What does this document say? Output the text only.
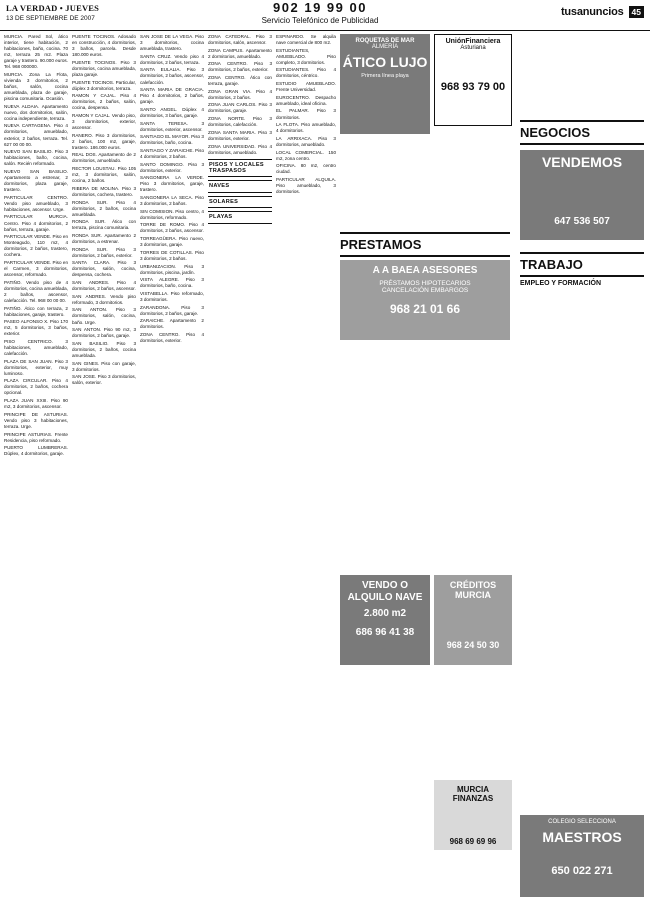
LA VERDAD • JUEVES
13 DE SEPTIEMBRE DE 2007
902 19 99 00
Servicio Telefónico de Publicidad
tusanuncios 45

MURCIA. Pared Sol, ático interior, tiene habitación, 2 habitaciones, baño, cocina. 70 m2, terraza 25 m2. Plaza garaje y trastero. 90.000 euros. Tel. 968 000000.

MURCIA. Zona La Flota, vivienda 3 dormitorios, 2 baños, salón, cocina amueblada, plaza de garaje, piscina comunitaria. Ocasión.

NUEVA ALDAIA. Apartamento nuevo, dos dormitorios, salón, cocina independiente, terraza.

NUEVA CARTAGENA. Piso 4 dormitorios, amueblado, exterior, 2 baños, terraza. Tel. 627 00 00 00.

NUEVO SAN BASILIO. Piso 3 habitaciones, baño, cocina, salón. Recién reformado.

NUEVO SAN BASILIO. Apartamento a estrenar, 2 dormitorios, plaza garaje, trastero.

PARTICULAR CENTRO. Vendo piso amueblado, 3 habitaciones, ascensor. Urge.

PARTICULAR MURCIA. Centro. Piso 4 dormitorios, 2 baños, terraza, garaje.

PARTICULAR VENDE. Piso en Monteagudo, 110 m2, 4 dormitorios, 2 baños, trastero, cochera.

PARTICULAR VENDE. Piso en el Carmen, 3 dormitorios, ascensor, reformado.

PATIÑO. Vendo piso de 4 dormitorios, cocina amueblada, 2 baños, ascensor, calefacción. Tel. 968 00 00 00.

PATIÑO. Ático con terraza, 2 habitaciones, garaje, trastero.

PASEO ALFONSO X. Piso 170 m2, 5 dormitorios, 3 baños, exterior.

PISO CENTRICO. 3 habitaciones, amueblado, calefacción.

PLAZA DE SAN JUAN. Piso 3 dormitorios, exterior, muy luminoso.

PLAZA CIRCULAR. Piso 4 dormitorios, 2 baños, cochera opcional.

PLAZA JUAN XXIII. Piso 90 m2, 3 dormitorios, ascensor.

PRINCIPE DE ASTURIAS. Vendo piso 3 habitaciones, terraza. Urge.

PRINCIPE ASTURIAS. Frente Residencia, piso reformado.

PUERTO LUMBRERAS. Dúplex, 4 dormitorios, garaje.

PUENTE TOCINOS. Adosado en construcción, 4 dormitorios, 3 baños, parcela. Desde 180.000 euros.

PUENTE TOCINOS. Piso 3 dormitorios, cocina amueblada, plaza garaje.

PUENTE TOCINOS. Particular, dúplex 3 dormitorios, terraza.

RAMON Y CAJAL. Piso 4 dormitorios, 2 baños, salón, cocina, despensa.

RAMON Y CAJAL. Vendo piso, 3 dormitorios, exterior, ascensor.

RANERO. Piso 3 dormitorios, 2 baños, 100 m2, garaje, trastero. 186.000 euros.

REAL DOS. Apartamento de 2 dormitorios, amueblado.

RECTOR LOUSTAU. Piso 105 m2, 3 dormitorios, salón, cocina, 2 baños.

RIBERA DE MOLINA. Piso 3 dormitorios, cochera, trastero.

RONDA SUR. Piso 4 dormitorios, 2 baños, cocina amueblada.

RONDA SUR. Ático con terraza, piscina comunitaria.

RONDA SUR. Apartamento 2 dormitorios, a estrenar.

RONDA SUR. Piso 3 dormitorios, 2 baños, exterior.

SANTA CLARA. Piso 3 dormitorios, salón, cocina, despensa, cochera.

SAN ANDRES. Piso 4 dormitorios, 2 baños, ascensor.

SAN ANDRES. Vendo piso reformado, 3 dormitorios.

SAN ANTON. Piso 3 dormitorios, salón, cocina, baño. Urge.

SAN ANTON. Piso 90 m2, 3 dormitorios, 2 baños, garaje.

SAN BASILIO. Piso 3 dormitorios, 2 baños, cocina amueblada.

SAN GINES. Piso con garaje, 3 dormitorios.

SAN JOSE. Piso 3 dormitorios, salón, exterior.

SAN JOSE DE LA VEGA. Piso 3 dormitorios, cocina amueblada, trastero.

SANTA CRUZ. Vendo piso 4 dormitorios, 2 baños, terraza.

SANTA EULALIA. Piso 3 dormitorios, 2 baños, ascensor, calefacción.

SANTA MARIA DE GRACIA. Piso 4 dormitorios, 2 baños, garaje.

SANTO ANGEL. Dúplex 4 dormitorios, 3 baños, garaje.

SANTA TERESA. 3 dormitorios, exterior, ascensor.

SANTIAGO EL MAYOR. Piso 3 dormitorios, baño, cocina.

SANTIAGO Y ZARAICHE. Piso 4 dormitorios, 2 baños.

SANTO DOMINGO. Piso 3 dormitorios, exterior.

SANGONERA LA VERDE. Piso 3 dormitorios, garaje, trastero.

SANGONERA LA SECA. Piso 3 dormitorios, 2 baños.

SIN COMISION. Piso centro, 4 dormitorios, reformado.

TORRE DE ROMO. Piso 4 dormitorios, 2 baños, ascensor.

TORREAGÜERA. Piso nuevo, 3 dormitorios, garaje.

TORRES DE COTILLAS. Piso 3 dormitorios, 2 baños.

URBANIZACION. Piso 3 dormitorios, piscina, jardín.

VISTA ALEGRE. Piso 3 dormitorios, baño, cocina.

VISTABELLA. Piso reformado, 3 dormitorios.

ZARANDONA. Piso 3 dormitorios, 2 baños, garaje.

ZARAICHE. Apartamento 2 dormitorios.

ZONA CENTRO. Piso 4 dormitorios, exterior.

ZONA CATEDRAL. Piso 3 dormitorios, salón, ascensor.

ZONA CAMPUS. Apartamento 2 dormitorios, amueblado.

ZONA CENTRO. Piso 3 dormitorios, 2 baños, exterior.

ZONA CENTRO. Ático con terraza, garaje.

ZONA GRAN VIA. Piso 4 dormitorios, 2 baños.

ZONA JUAN CARLOS. Piso 3 dormitorios, garaje.

ZONA NORTE. Piso 3 dormitorios, calefacción.

ZONA SANTA MARIA. Piso 3 dormitorios, exterior.

ZONA UNIVERSIDAD. Piso 4 dormitorios, amueblado.

PISOS Y LOCALES TRASPASOS
NAVES
SOLARES
PLAYAS

ESPINARDO. Se alquila nave comercial de 800 m2.

ESTUDIANTES, AMUEBLADO. Piso completo, 3 dormitorios.

ESTUDIANTES. Piso 4 dormitorios, céntrico.

ESTUDIO AMUEBLADO. Frente Universidad.

EUROCENTRO. Despacho amueblado, ideal oficina.

EL PALMAR. Piso 3 dormitorios.

LA FLOTA. Piso amueblado, 4 dormitorios.

LA ARRIXACA. Piso 3 dormitorios, amueblado.

LOCAL COMERCIAL. 150 m2, zona centro.

OFICINA. 80 m2, centro ciudad.

PARTICULAR ALQUILA. Piso amueblado, 3 dormitorios.

ROQUETAS DE MAR
ALMERÍA
ÁTICO LUJO
Primera línea playa
UniónFinanciera
Asturiana
968 93 79 00
NEGOCIOS
VENDEMOS
647 536 507
PRESTAMOS
TRABAJO
A A BAEA ASESORES
PRÉSTAMOS HIPOTECARIOS
CANCELACIÓN EMBARGOS
968 21 01 66
EMPLEO Y FORMACIÓN
VENDO O ALQUILO NAVE
2.800 m2
686 96 41 38
CRÉDITOS MURCIA
968 24 50 30
MURCIA FINANZAS
968 69 69 96
COLEGIO SELECCIONA
MAESTROS
650 022 271
